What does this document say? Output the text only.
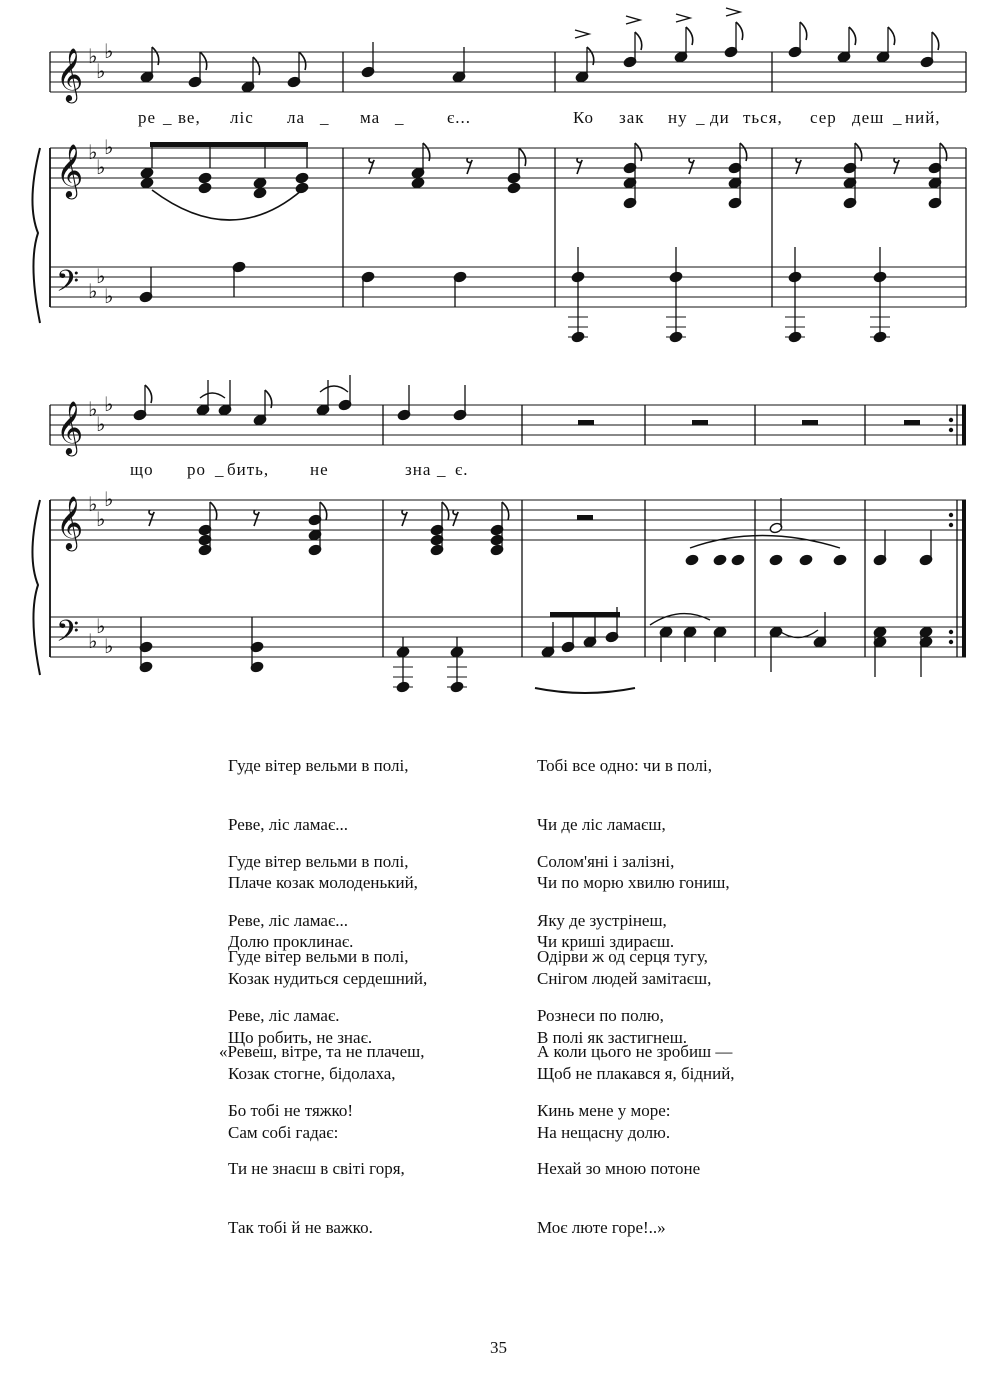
𝄞
𝄞
𝄢
♭
♭
♭
♭
♭
♭
♭
♭
♭
𝄞
𝄞
𝄢
♭
♭
♭
♭
♭
♭
♭
♭
♭
ре _ ве, ліс ла _ ма _	є...	Ко зак ну _ ди ться, сер деш _ ний,
що ро _ бить, не	зна _ є.

Гуде вітер вельми в полі,

Реве, ліс ламає...

Плаче козак молоденький,

Долю проклинає.

Гуде вітер вельми в полі,

Реве, ліс ламає...

Козак нудиться сердешний,

Що робить, не знає.

Гуде вітер вельми в полі,

Реве, ліс ламає.

Козак стогне, бідолаха,

Сам собі гадає:

«Ревеш, вітре, та не плачеш,

Бо тобі не тяжко!

Ти не знаєш в світі горя,

Так тобі й не важко.

Тобі все одно: чи в полі,

Чи де ліс ламаєш,

Чи по морю хвилю гониш,

Чи криші здираєш.

Солом'яні і залізні,

Яку де зустрінеш,

Снігом людей замітаєш,

В полі як застигнеш.

Одірви ж од серця тугу,

Рознеси по полю,

Щоб не плакався я, бідний,

На нещасну долю.

А коли цього не зробиш —

Кинь мене у море:

Нехай зо мною потоне

Моє люте горе!..»

35
